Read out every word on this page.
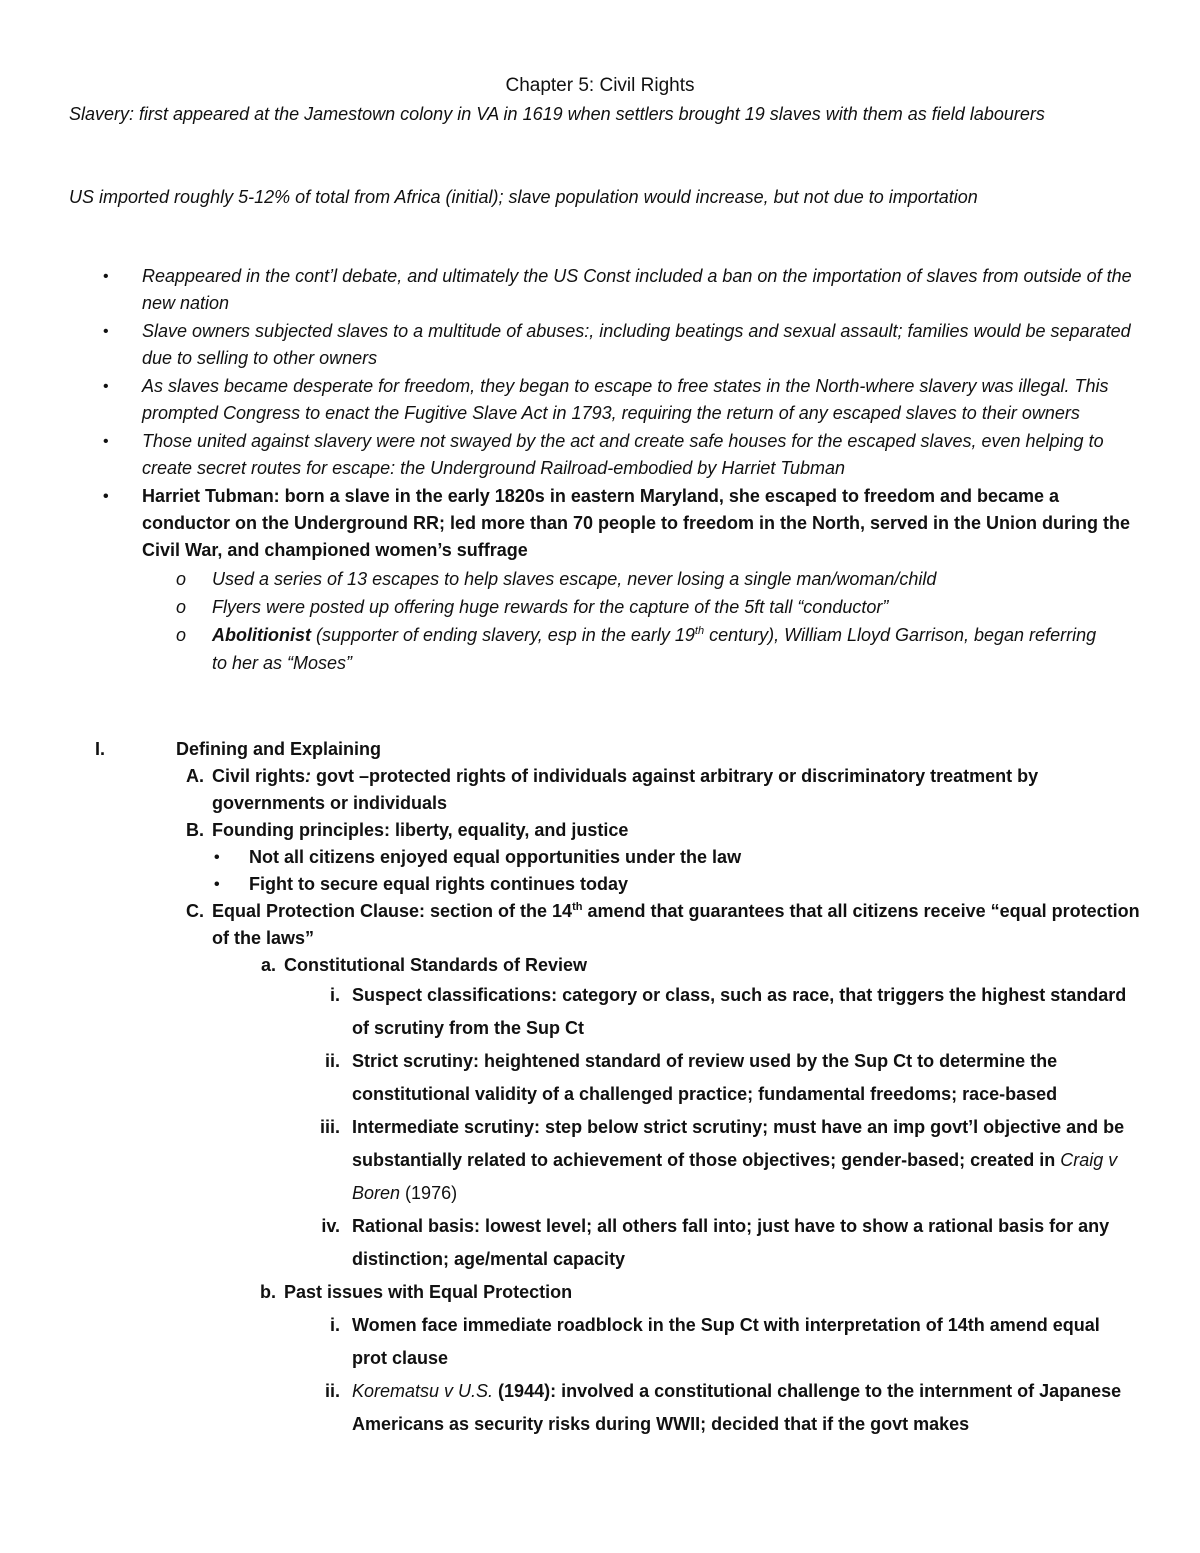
Chapter 5: Civil Rights
Slavery: first appeared at the Jamestown colony in VA in 1619 when settlers brought 19 slaves with them as field labourers
US imported roughly 5-12% of total from Africa (initial); slave population would increase, but not due to importation
• Reappeared in the cont’l debate, and ultimately the US Const included a ban on the importation of slaves from outside of the new nation
• Slave owners subjected slaves to a multitude of abuses:, including beatings and sexual assault; families would be separated due to selling to other owners
• As slaves became desperate for freedom, they began to escape to free states in the North-where slavery was illegal. This prompted Congress to enact the Fugitive Slave Act in 1793, requiring the return of any escaped slaves to their owners
• Those united against slavery were not swayed by the act and create safe houses for the escaped slaves, even helping to create secret routes for escape: the Underground Railroad-embodied by Harriet Tubman
• Harriet Tubman: born a slave in the early 1820s in eastern Maryland, she escaped to freedom and became a conductor on the Underground RR; led more than 70 people to freedom in the North, served in the Union during the Civil War, and championed women’s suffrage
o Used a series of 13 escapes to help slaves escape, never losing a single man/woman/child
o Flyers were posted up offering huge rewards for the capture of the 5ft tall “conductor”
o Abolitionist (supporter of ending slavery, esp in the early 19th century), William Lloyd Garrison, began referring to her as “Moses”
I.	Defining and Explaining
A. Civil rights: govt –protected rights of individuals against arbitrary or discriminatory treatment by governments or individuals
B. Founding principles: liberty, equality, and justice
•	Not all citizens enjoyed equal opportunities under the law
•	Fight to secure equal rights continues today
C. Equal Protection Clause: section of the 14th amend that guarantees that all citizens receive “equal protection of the laws”
a. Constitutional Standards of Review
i. Suspect classifications: category or class, such as race, that triggers the highest standard of scrutiny from the Sup Ct
ii. Strict scrutiny: heightened standard of review used by the Sup Ct to determine the constitutional validity of a challenged practice; fundamental freedoms; race-based
iii. Intermediate scrutiny: step below strict scrutiny; must have an imp govt’l objective and be substantially related to achievement of those objectives; gender-based; created in Craig v Boren (1976)
iv. Rational basis: lowest level; all others fall into; just have to show a rational basis for any distinction; age/mental capacity
b. Past issues with Equal Protection
i. Women face immediate roadblock in the Sup Ct with interpretation of 14th amend equal prot clause
ii. Korematsu v U.S. (1944): involved a constitutional challenge to the internment of Japanese Americans as security risks during WWII; decided that if the govt makes
